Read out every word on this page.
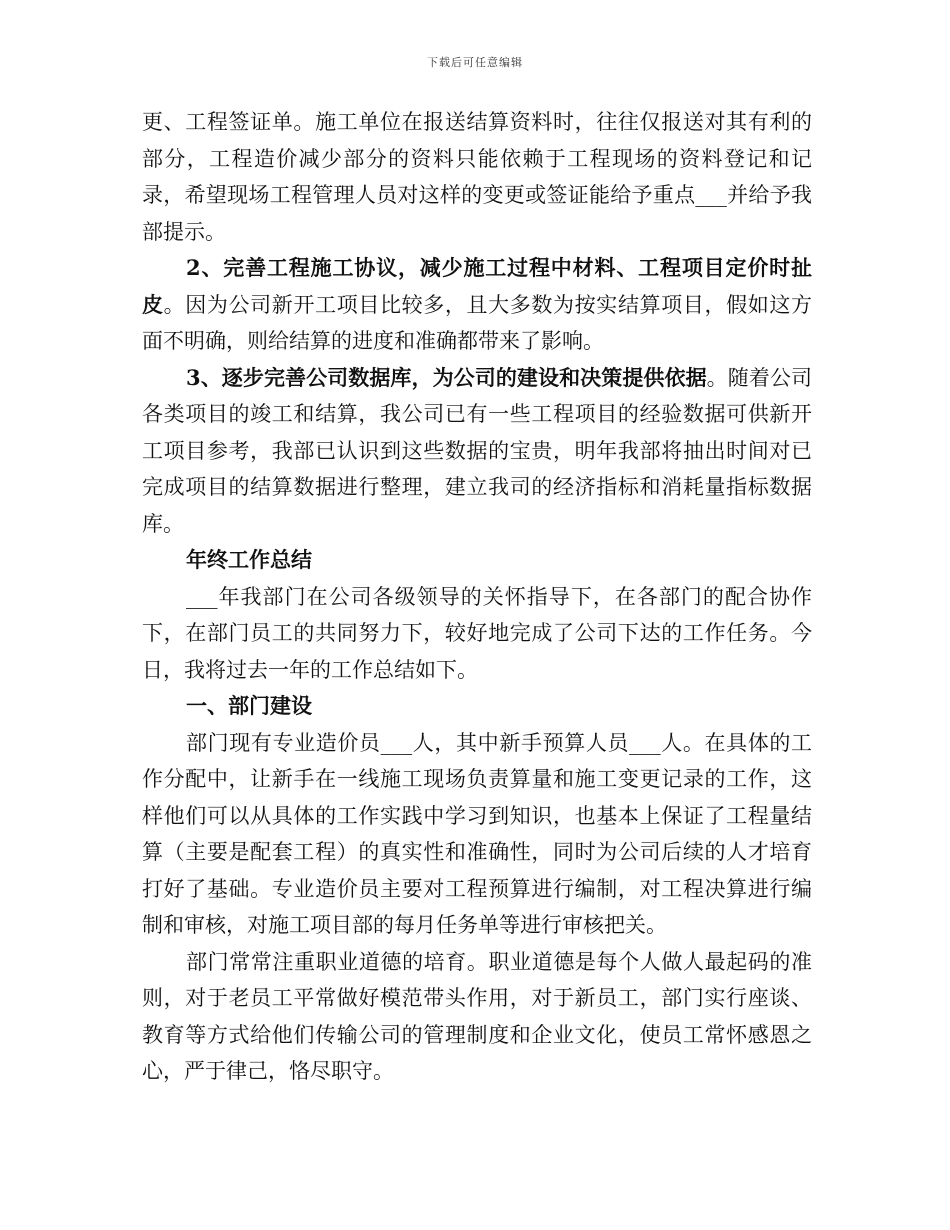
下载后可任意编辑

更、工程签证单。施工单位在报送结算资料时，往往仅报送对其有利的部分，工程造价减少部分的资料只能依赖于工程现场的资料登记和记录，希望现场工程管理人员对这样的变更或签证能给予重点___并给予我部提示。

2、完善工程施工协议，减少施工过程中材料、工程项目定价时扯皮。因为公司新开工项目比较多，且大多数为按实结算项目，假如这方面不明确，则给结算的进度和准确都带来了影响。

3、逐步完善公司数据库，为公司的建设和决策提供依据。随着公司各类项目的竣工和结算，我公司已有一些工程项目的经验数据可供新开工项目参考，我部已认识到这些数据的宝贵，明年我部将抽出时间对已完成项目的结算数据进行整理，建立我司的经济指标和消耗量指标数据库。

年终工作总结

___年我部门在公司各级领导的关怀指导下，在各部门的配合协作下，在部门员工的共同努力下，较好地完成了公司下达的工作任务。今日，我将过去一年的工作总结如下。

一、部门建设

部门现有专业造价员___人，其中新手预算人员___人。在具体的工作分配中，让新手在一线施工现场负责算量和施工变更记录的工作，这样他们可以从具体的工作实践中学习到知识，也基本上保证了工程量结算（主要是配套工程）的真实性和准确性，同时为公司后续的人才培育打好了基础。专业造价员主要对工程预算进行编制，对工程决算进行编制和审核，对施工项目部的每月任务单等进行审核把关。

部门常常注重职业道德的培育。职业道德是每个人做人最起码的准则，对于老员工平常做好模范带头作用，对于新员工，部门实行座谈、教育等方式给他们传输公司的管理制度和企业文化，使员工常怀感恩之心，严于律己，恪尽职守。
